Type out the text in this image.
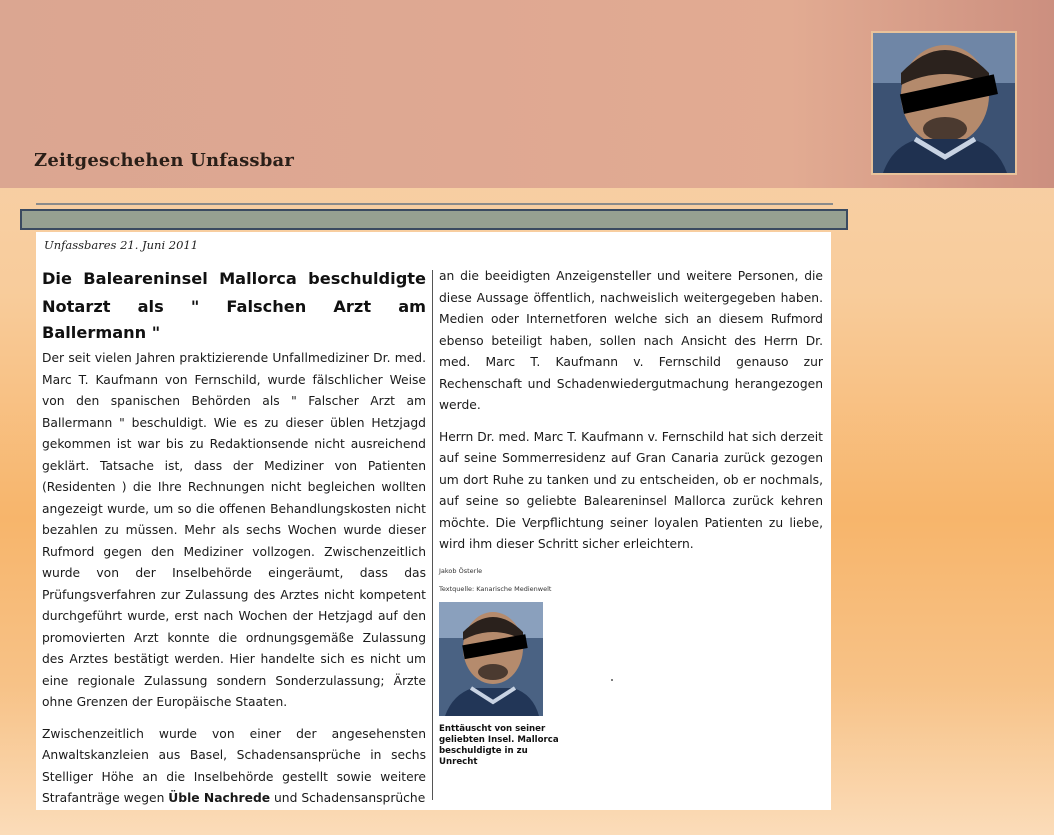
Zeitgeschehen Unfassbar

Unfassbares 21. Juni 2011

Die Baleareninsel Mallorca beschuldigte
Notarzt als " Falschen Arzt am Ballermann "

Der seit vielen Jahren praktizierende Unfallmediziner Dr. med. Marc T. Kaufmann von Fernschild, wurde fälschlicher Weise von den spanischen Behörden als " Falscher Arzt am Ballermann " beschuldigt. Wie es zu dieser üblen Hetzjagd gekommen ist war bis zu Redaktionsende nicht ausreichend geklärt. Tatsache ist, dass der Mediziner von Patienten (Residenten ) die Ihre Rechnungen nicht begleichen wollten angezeigt wurde, um so die offenen Behandlungskosten nicht bezahlen zu müssen. Mehr als sechs Wochen wurde dieser Rufmord gegen den Mediziner vollzogen. Zwischenzeitlich wurde von der Inselbehörde eingeräumt, dass das Prüfungsverfahren zur Zulassung des Arztes nicht kompetent durchgeführt wurde, erst nach Wochen der Hetzjagd auf den promovierten Arzt konnte die ordnungsgemäße Zulassung des Arztes bestätigt werden. Hier handelte sich es nicht um eine regionale Zulassung sondern Sonderzulassung; Ärzte ohne Grenzen der Europäische Staaten.

Zwischenzeitlich wurde von einer der angesehensten Anwaltskanzleien aus Basel, Schadensansprüche in sechs Stelliger Höhe an die Inselbehörde gestellt sowie weitere Strafanträge wegen Üble Nachrede und Schadensansprüche

an die beeidigten Anzeigensteller und weitere Personen, die diese Aussage öffentlich, nachweislich weitergegeben haben. Medien oder Internetforen welche sich an diesem Rufmord ebenso beteiligt haben, sollen nach Ansicht des Herrn Dr. med. Marc T. Kaufmann v. Fernschild genauso zur Rechenschaft und Schadenwiedergutmachung herangezogen werde.

Herrn Dr. med. Marc T. Kaufmann v. Fernschild hat sich derzeit auf seine Sommerresidenz auf Gran Canaria zurück gezogen um dort Ruhe zu tanken und zu entscheiden, ob er nochmals, auf seine so geliebte Baleareninsel Mallorca zurück kehren möchte. Die Verpflichtung seiner loyalen Patienten zu liebe, wird ihm dieser Schritt sicher erleichtern.

Jakob Österle
Textquelle: Kanarische Medienwelt
Enttäuscht von seiner geliebten Insel. Mallorca beschuldigte in zu Unrecht
